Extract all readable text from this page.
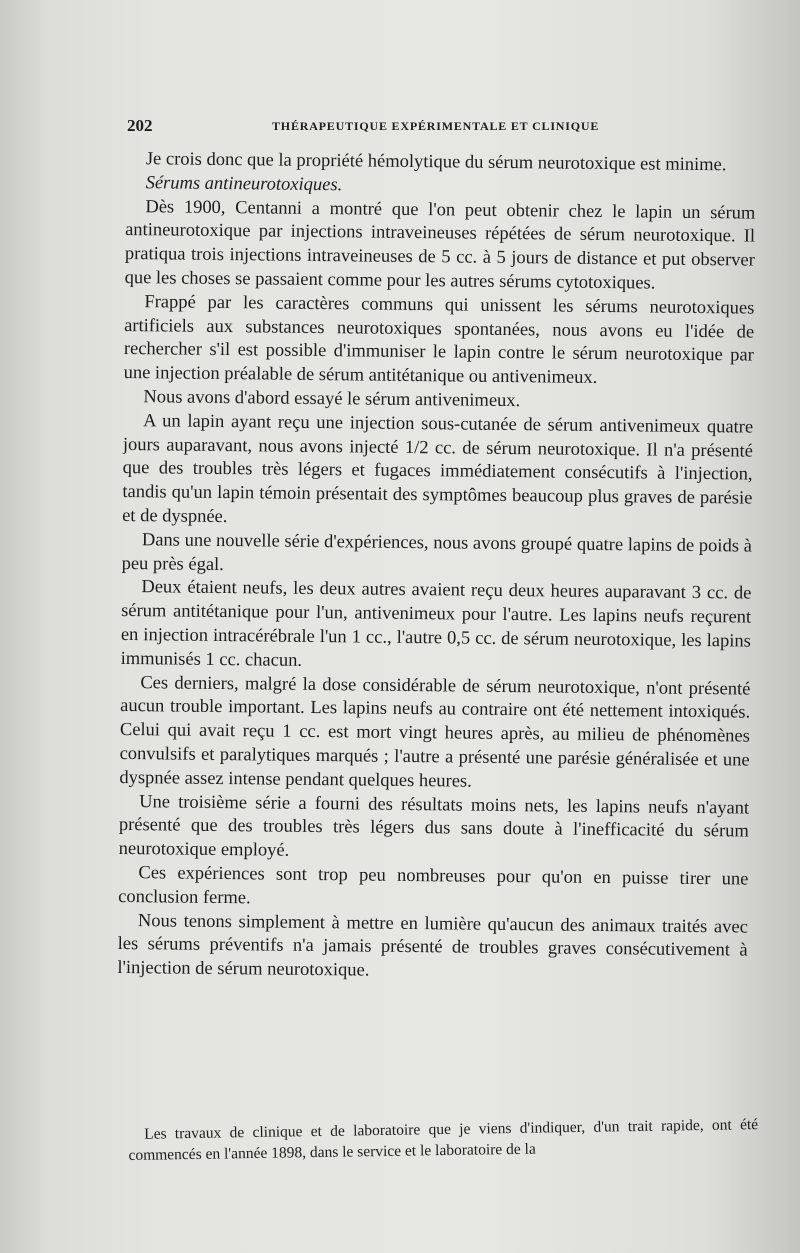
202	THÉRAPEUTIQUE EXPÉRIMENTALE ET CLINIQUE

Je crois donc que la propriété hémolytique du sérum neurotoxique est minime.

Sérums antineurotoxiques.

Dès 1900, Centanni a montré que l'on peut obtenir chez le lapin un sérum antineurotoxique par injections intraveineuses répétées de sérum neurotoxique. Il pratiqua trois injections intraveineuses de 5 cc. à 5 jours de distance et put observer que les choses se passaient comme pour les autres sérums cytotoxiques.

Frappé par les caractères communs qui unissent les sérums neurotoxiques artificiels aux substances neurotoxiques spontanées, nous avons eu l'idée de rechercher s'il est possible d'immuniser le lapin contre le sérum neurotoxique par une injection préalable de sérum antitétanique ou antivenimeux.

Nous avons d'abord essayé le sérum antivenimeux.

A un lapin ayant reçu une injection sous-cutanée de sérum antivenimeux quatre jours auparavant, nous avons injecté 1/2 cc. de sérum neurotoxique. Il n'a présenté que des troubles très légers et fugaces immédiatement consécutifs à l'injection, tandis qu'un lapin témoin présentait des symptômes beaucoup plus graves de parésie et de dyspnée.

Dans une nouvelle série d'expériences, nous avons groupé quatre lapins de poids à peu près égal.

Deux étaient neufs, les deux autres avaient reçu deux heures auparavant 3 cc. de sérum antitétanique pour l'un, antivenimeux pour l'autre. Les lapins neufs reçurent en injection intracérébrale l'un 1 cc., l'autre 0,5 cc. de sérum neurotoxique, les lapins immunisés 1 cc. chacun.

Ces derniers, malgré la dose considérable de sérum neurotoxique, n'ont présenté aucun trouble important. Les lapins neufs au contraire ont été nettement intoxiqués. Celui qui avait reçu 1 cc. est mort vingt heures après, au milieu de phénomènes convulsifs et paralytiques marqués ; l'autre a présenté une parésie généralisée et une dyspnée assez intense pendant quelques heures.

Une troisième série a fourni des résultats moins nets, les lapins neufs n'ayant présenté que des troubles très légers dus sans doute à l'inefficacité du sérum neurotoxique employé.

Ces expériences sont trop peu nombreuses pour qu'on en puisse tirer une conclusion ferme.

Nous tenons simplement à mettre en lumière qu'aucun des animaux traités avec les sérums préventifs n'a jamais présenté de troubles graves consécutivement à l'injection de sérum neurotoxique.

Les travaux de clinique et de laboratoire que je viens d'indiquer, d'un trait rapide, ont été commencés en l'année 1898, dans le service et le laboratoire de la
